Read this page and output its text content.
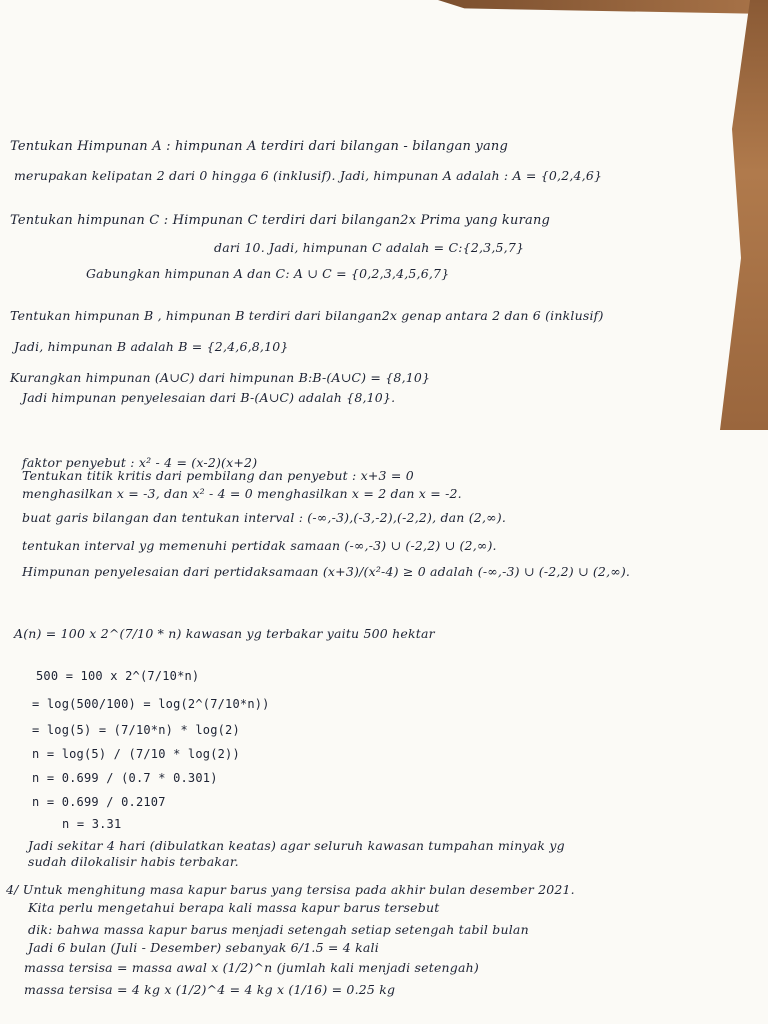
Tentukan Himpunan A : himpunan A terdiri dari bilangan - bilangan yang
merupakan kelipatan 2 dari 0 hingga 6 (inklusif). Jadi, himpunan A adalah : A = {0,2,4,6}
Tentukan himpunan C : Himpunan C terdiri dari bilangan2x Prima yang kurang
dari 10. Jadi, himpunan C adalah = C:{2,3,5,7}
Gabungkan himpunan A dan C: A ∪ C = {0,2,3,4,5,6,7}
Tentukan himpunan B , himpunan B terdiri dari bilangan2x genap antara 2 dan 6 (inklusif)
Jadi, himpunan B adalah B = {2,4,6,8,10}
Kurangkan himpunan (A∪C) dari himpunan B:B-(A∪C) = {8,10}
Jadi himpunan penyelesaian dari B-(A∪C) adalah {8,10}.
faktor penyebut : x² - 4 = (x-2)(x+2)
Tentukan titik kritis dari pembilang dan penyebut : x+3 = 0
menghasilkan x = -3, dan x² - 4 = 0 menghasilkan x = 2 dan x = -2.
buat garis bilangan dan tentukan interval : (-∞,-3),(-3,-2),(-2,2), dan (2,∞).
tentukan interval yg memenuhi pertidak samaan (-∞,-3) ∪ (-2,2) ∪ (2,∞).
Himpunan penyelesaian dari pertidaksamaan (x+3)/(x²-4) ≥ 0 adalah (-∞,-3) ∪ (-2,2) ∪ (2,∞).
A(n) = 100 x 2^(7/10 * n) kawasan yg terbakar yaitu 500 hektar
500 = 100 x 2^(7/10*n)
= log(500/100) = log(2^(7/10*n))
= log(5) = (7/10*n) * log(2)
n = log(5) / (7/10 * log(2))
n = 0.699 / (0.7 * 0.301)
n = 0.699 / 0.2107
n = 3.31
Jadi sekitar 4 hari (dibulatkan keatas) agar seluruh kawasan tumpahan minyak yg
sudah dilokalisir habis terbakar.
4/ Untuk menghitung masa kapur barus yang tersisa pada akhir bulan desember 2021.
Kita perlu mengetahui berapa kali massa kapur barus tersebut
dik: bahwa massa kapur barus menjadi setengah setiap setengah tabil bulan
Jadi 6 bulan (Juli - Desember) sebanyak 6/1.5 = 4 kali
massa tersisa = massa awal x (1/2)^n (jumlah kali menjadi setengah)
massa tersisa = 4 kg x (1/2)^4 = 4 kg x (1/16) = 0.25 kg
